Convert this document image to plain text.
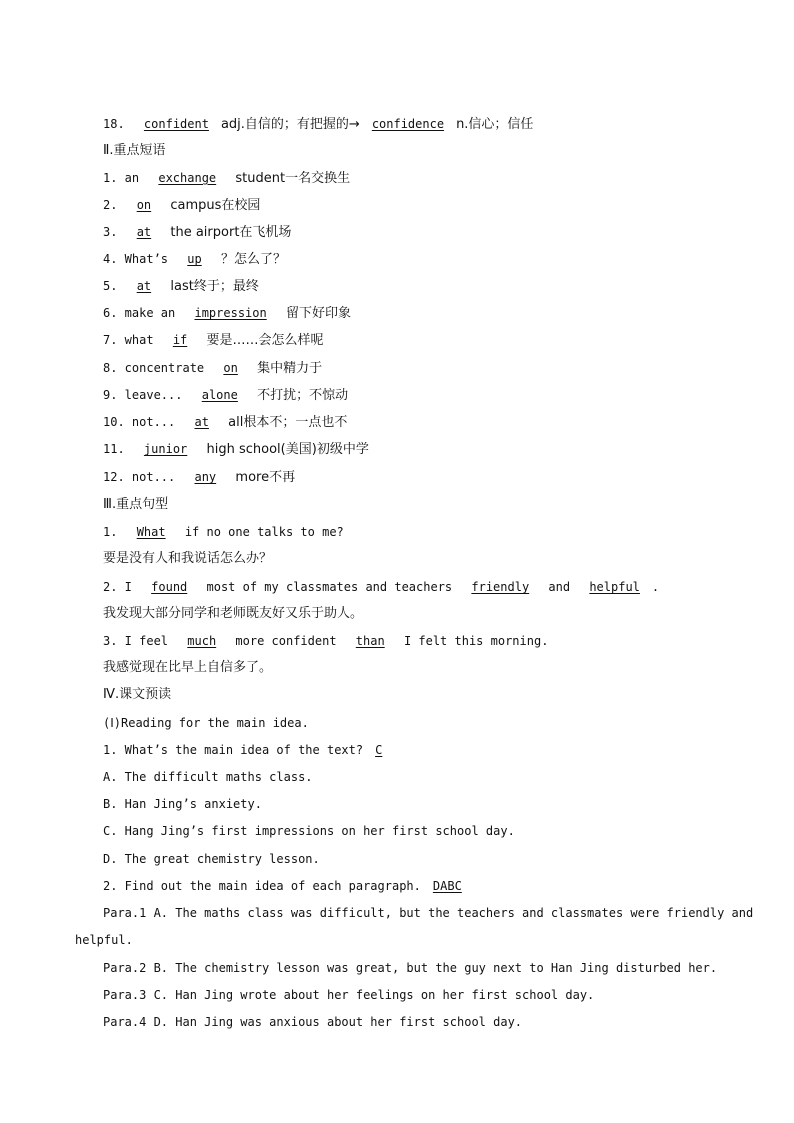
18. confident adj.自信的；有把握的→ confidence n.信心；信任
Ⅱ.重点短语
1. an exchange student一名交换生
2. on campus在校园
3. at the airport在飞机场
4. What’s up ？怎么了？
5. at last终于；最终
6. make an impression 留下好印象
7. what if 要是……会怎么样呢
8. concentrate on 集中精力于
9. leave... alone 不打扰；不惊动
10. not... at all根本不；一点也不
11. junior high school(美国)初级中学
12. not... any more不再
Ⅲ.重点句型
1. What if no one talks to me?
要是没有人和我说话怎么办？
2. I found most of my classmates and teachers friendly and helpful .
我发现大部分同学和老师既友好又乐于助人。
3. I feel much more confident than I felt this morning.
我感觉现在比早上自信多了。
Ⅳ.课文预读
(Ⅰ)Reading for the main idea.
1. What’s the main idea of the text? C
A. The difficult maths class.
B. Han Jing’s anxiety.
C. Hang Jing’s first impressions on her first school day.
D. The great chemistry lesson.
2. Find out the main idea of each paragraph. DABC
Para.1 A. The maths class was difficult, but the teachers and classmates were friendly and
helpful.
Para.2 B. The chemistry lesson was great, but the guy next to Han Jing disturbed her.
Para.3 C. Han Jing wrote about her feelings on her first school day.
Para.4 D. Han Jing was anxious about her first school day.
